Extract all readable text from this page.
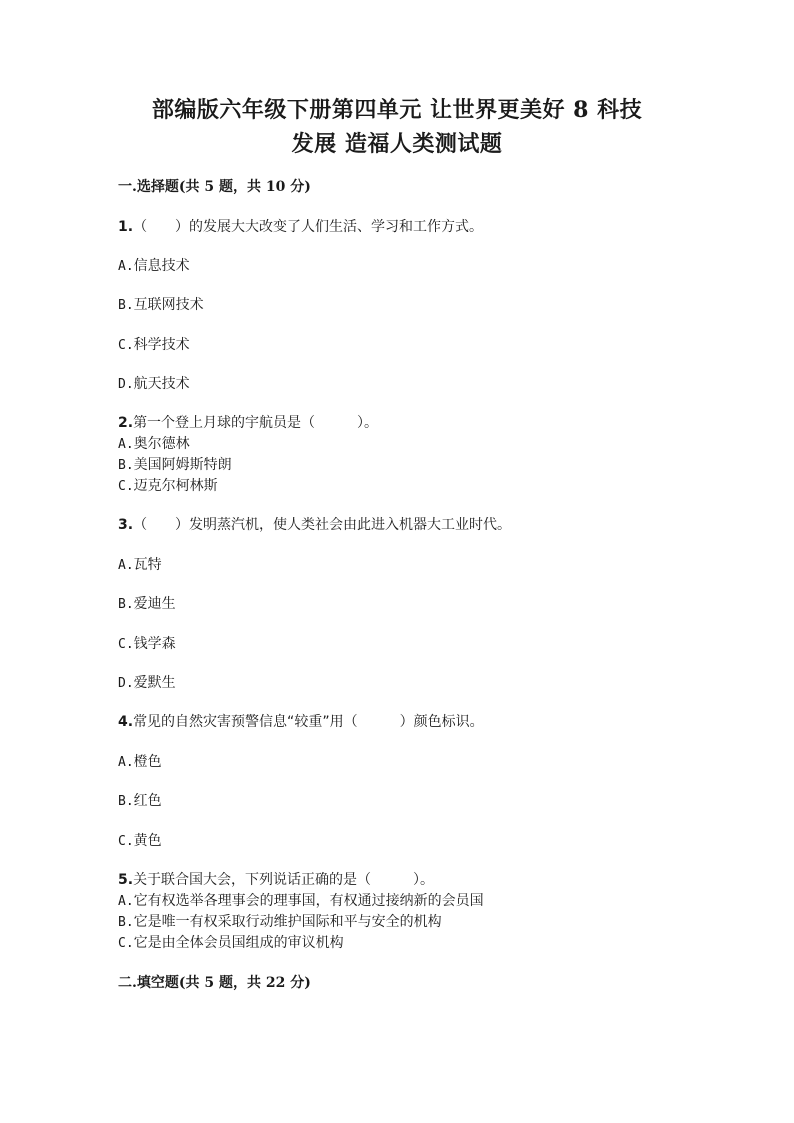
部编版六年级下册第四单元 让世界更美好 8 科技
发展 造福人类测试题
一.选择题(共 5 题，共 10 分)
1.（　　）的发展大大改变了人们生活、学习和工作方式。
A.信息技术
B.互联网技术
C.科学技术
D.航天技术
2.第一个登上月球的宇航员是（　　　）。
A.奥尔德林
B.美国阿姆斯特朗
C.迈克尔柯林斯
3.（　　）发明蒸汽机，使人类社会由此进入机器大工业时代。
A.瓦特
B.爱迪生
C.钱学森
D.爱默生
4.常见的自然灾害预警信息“较重”用（　　　）颜色标识。
A.橙色
B.红色
C.黄色
5.关于联合国大会，下列说话正确的是（　　　）。
A.它有权选举各理事会的理事国，有权通过接纳新的会员国
B.它是唯一有权采取行动维护国际和平与安全的机构
C.它是由全体会员国组成的审议机构
二.填空题(共 5 题，共 22 分)
